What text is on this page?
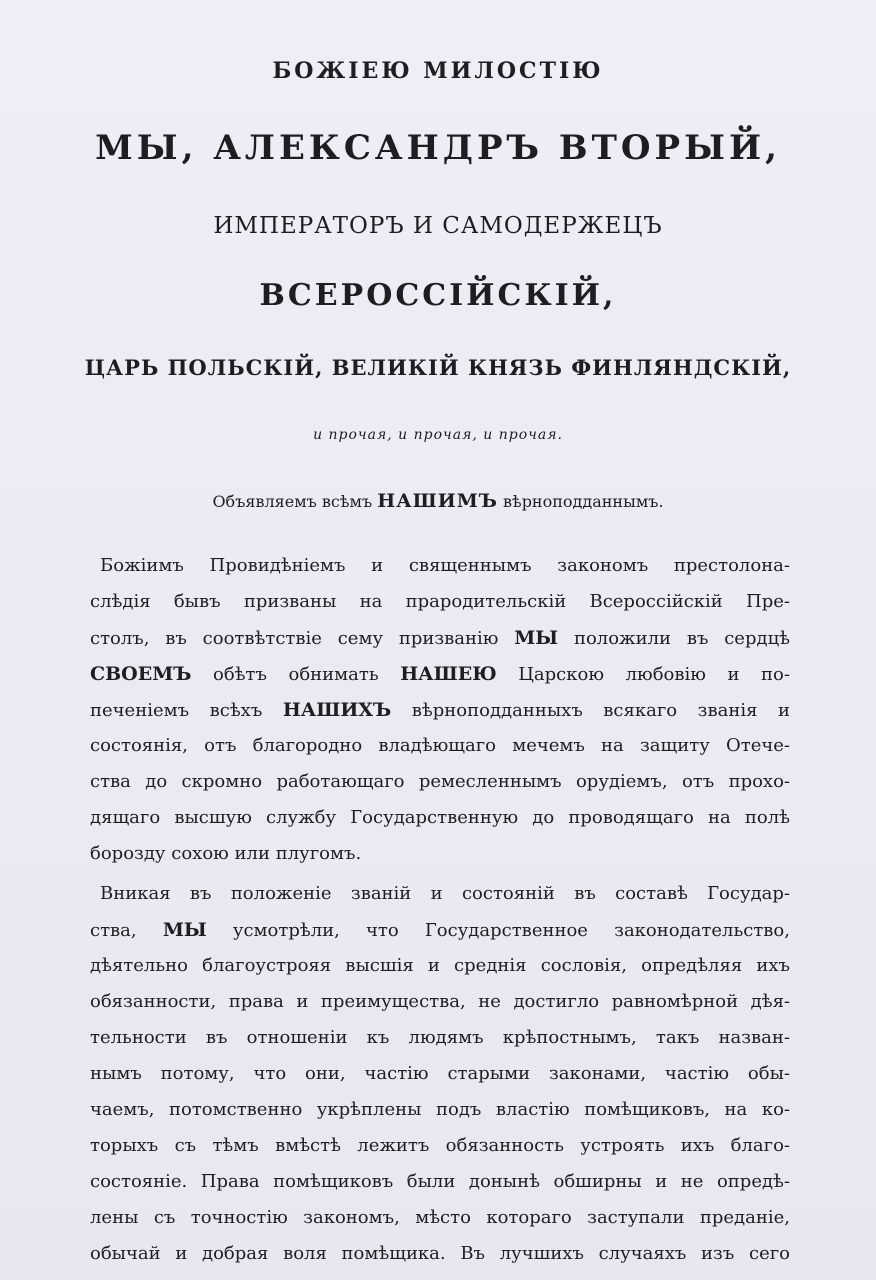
БОЖІЕЮ МИЛОСТІЮ
МЫ, АЛЕКСАНДРЪ ВТОРЫЙ,
ИМПЕРАТОРЪ И САМОДЕРЖЕЦЪ
ВСЕРОССІЙСКІЙ,
ЦАРЬ ПОЛЬСКІЙ, ВЕЛИКІЙ КНЯЗЬ ФИНЛЯНДСКІЙ,
и прочая, и прочая, и прочая.
Объявляемъ всѣмъ НАШИМЪ вѣрноподданнымъ.
Божіимъ Провидѣніемъ и священнымъ закономъ престолона-
слѣдія бывъ призваны на прародительскій Всероссійскій Пре-
столъ, въ соотвѣтствіе сему призванію МЫ положили въ сердцѣ
СВОЕМЪ обѣтъ обнимать НАШЕЮ Царскою любовію и по-
печеніемъ всѣхъ НАШИХЪ вѣрноподданныхъ всякаго званія и
состоянія, отъ благородно владѣющаго мечемъ на защиту Отече-
ства до скромно работающаго ремесленнымъ орудіемъ, отъ прохо-
дящаго высшую службу Государственную до проводящаго на полѣ
борозду сохою или плугомъ.
Вникая въ положеніе званій и состояній въ составѣ Государ-
ства, МЫ усмотрѣли, что Государственное законодательство,
дѣятельно благоустрояя высшія и среднія сословія, опредѣляя ихъ
обязанности, права и преимущества, не достигло равномѣрной дѣя-
тельности въ отношеніи къ людямъ крѣпостнымъ, такъ назван-
нымъ потому, что они, частію старыми законами, частію обы-
чаемъ, потомственно укрѣплены подъ властію помѣщиковъ, на ко-
торыхъ съ тѣмъ вмѣстѣ лежитъ обязанность устроять ихъ благо-
состояніе. Права помѣщиковъ были донынѣ обширны и не опредѣ-
лены съ точностію закономъ, мѣсто котораго заступали преданіе,
обычай и добрая воля помѣщика. Въ лучшихъ случаяхъ изъ сего
